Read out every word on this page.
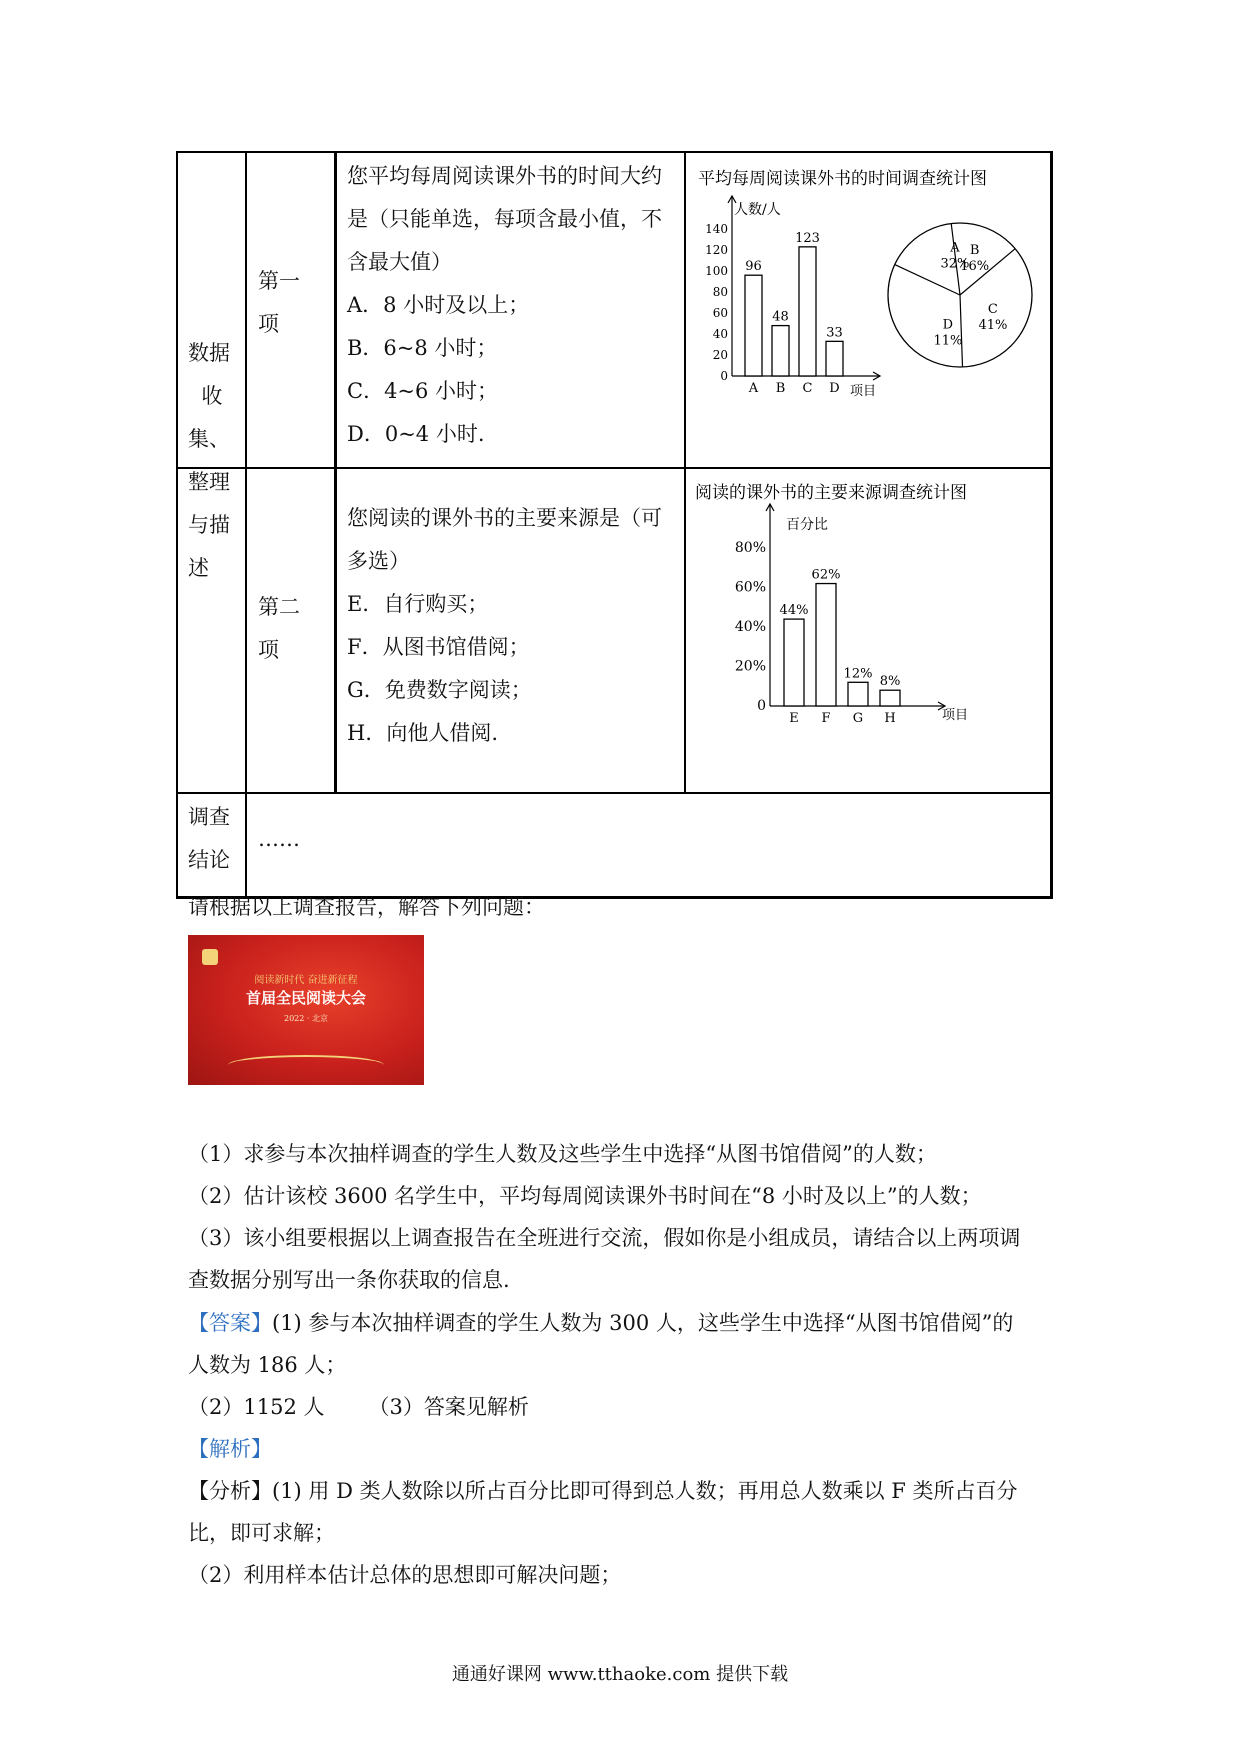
数据
收
集、
整理
与描
述
第一
项
您平均每周阅读课外书的时间大约是（只能单选，每项含最小值，不含最大值）
A．8 小时及以上；
B．6~8 小时；
C．4~6 小时；
D．0~4 小时.
第二
项
您阅读的课外书的主要来源是（可多选）
E．自行购买；
F．从图书馆借阅；
G．免费数字阅读；
H．向他人借阅.
调查
结论
……
平均每周阅读课外书的时间调查统计图
人数/人
项目
0
20
40
60
80
100
120
140
96
A
48
B
123
C
33
D
A
32%
B
16%
C
41%
D
11%
阅读的课外书的主要来源调查统计图
百分比
项目
0
20%
40%
60%
80%
44%
E
62%
F
12%
G
8%
H
请根据以上调查报告，解答下列问题：
阅读新时代 奋进新征程
首届全民阅读大会
2022 · 北京
（1）求参与本次抽样调查的学生人数及这些学生中选择“从图书馆借阅”的人数；
（2）估计该校 3600 名学生中，平均每周阅读课外书时间在“8 小时及以上”的人数；
（3）该小组要根据以上调查报告在全班进行交流，假如你是小组成员，请结合以上两项调
查数据分别写出一条你获取的信息.
【答案】(1) 参与本次抽样调查的学生人数为 300 人，这些学生中选择“从图书馆借阅”的
人数为 186 人；
（2）1152 人 （3）答案见解析
【解析】
【分析】(1) 用 D 类人数除以所占百分比即可得到总人数；再用总人数乘以 F 类所占百分
比，即可求解；
（2）利用样本估计总体的思想即可解决问题；
通通好课网 www.tthaoke.com 提供下载
